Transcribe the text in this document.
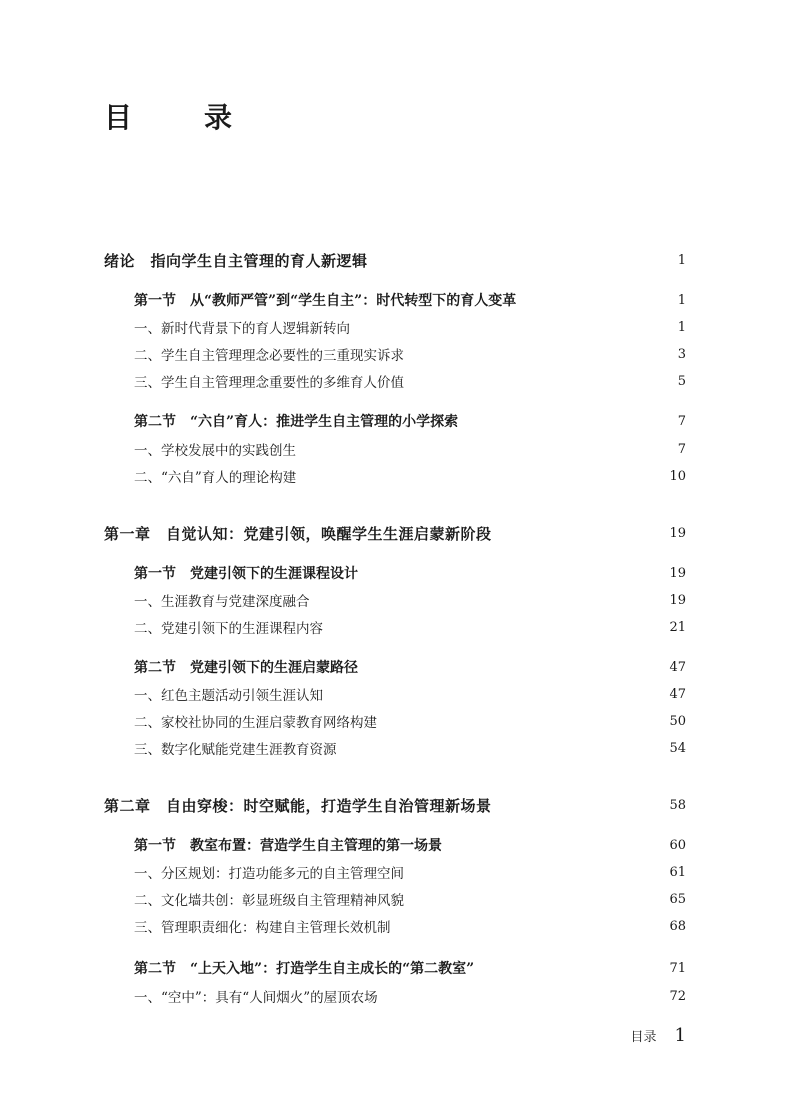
目　录
绪论　指向学生自主管理的育人新逻辑	1
第一节　从“教师严管”到“学生自主”：时代转型下的育人变革	1
一、新时代背景下的育人逻辑新转向	1
二、学生自主管理理念必要性的三重现实诉求	3
三、学生自主管理理念重要性的多维育人价值	5
第二节　“六自”育人：推进学生自主管理的小学探索	7
一、学校发展中的实践创生	7
二、“六自”育人的理论构建	10
第一章　自觉认知：党建引领，唤醒学生生涯启蒙新阶段	19
第一节　党建引领下的生涯课程设计	19
一、生涯教育与党建深度融合	19
二、党建引领下的生涯课程内容	21
第二节　党建引领下的生涯启蒙路径	47
一、红色主题活动引领生涯认知	47
二、家校社协同的生涯启蒙教育网络构建	50
三、数字化赋能党建生涯教育资源	54
第二章　自由穿梭：时空赋能，打造学生自治管理新场景	58
第一节　教室布置：营造学生自主管理的第一场景	60
一、分区规划：打造功能多元的自主管理空间	61
二、文化墙共创：彰显班级自主管理精神风貌	65
三、管理职责细化：构建自主管理长效机制	68
第二节　“上天入地”：打造学生自主成长的“第二教室”	71
一、“空中”：具有“人间烟火”的屋顶农场	72
目录 1
